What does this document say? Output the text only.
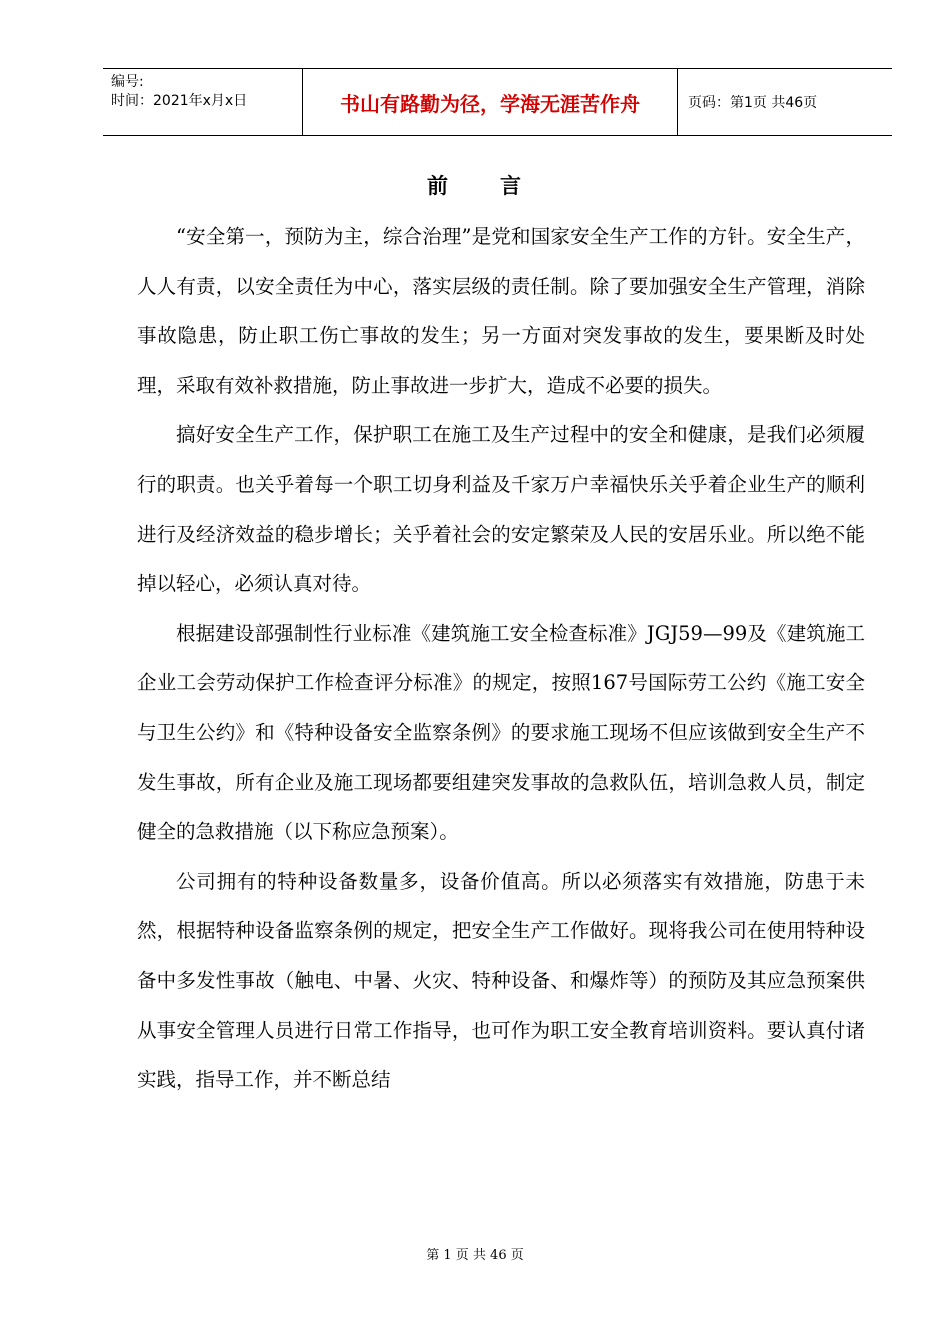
编号:
时间：2021年x月x日	书山有路勤为径，学海无涯苦作舟	页码：第1页 共46页
前 言

“安全第一，预防为主，综合治理”是党和国家安全生产工作的方针。安全生产，人人有责，以安全责任为中心，落实层级的责任制。除了要加强安全生产管理，消除事故隐患，防止职工伤亡事故的发生；另一方面对突发事故的发生，要果断及时处理，采取有效补救措施，防止事故进一步扩大，造成不必要的损失。

搞好安全生产工作，保护职工在施工及生产过程中的安全和健康，是我们必须履行的职责。也关乎着每一个职工切身利益及千家万户幸福快乐关乎着企业生产的顺利进行及经济效益的稳步增长；关乎着社会的安定繁荣及人民的安居乐业。所以绝不能掉以轻心，必须认真对待。

根据建设部强制性行业标准《建筑施工安全检查标准》JGJ59—99及《建筑施工企业工会劳动保护工作检查评分标准》的规定，按照167号国际劳工公约《施工安全与卫生公约》和《特种设备安全监察条例》的要求施工现场不但应该做到安全生产不发生事故，所有企业及施工现场都要组建突发事故的急救队伍，培训急救人员，制定健全的急救措施（以下称应急预案）。

公司拥有的特种设备数量多，设备价值高。所以必须落实有效措施，防患于未然，根据特种设备监察条例的规定，把安全生产工作做好。现将我公司在使用特种设备中多发性事故（触电、中暑、火灾、特种设备、和爆炸等）的预防及其应急预案供从事安全管理人员进行日常工作指导，也可作为职工安全教育培训资料。要认真付诸实践，指导工作，并不断总结

第 1 页 共 46 页
